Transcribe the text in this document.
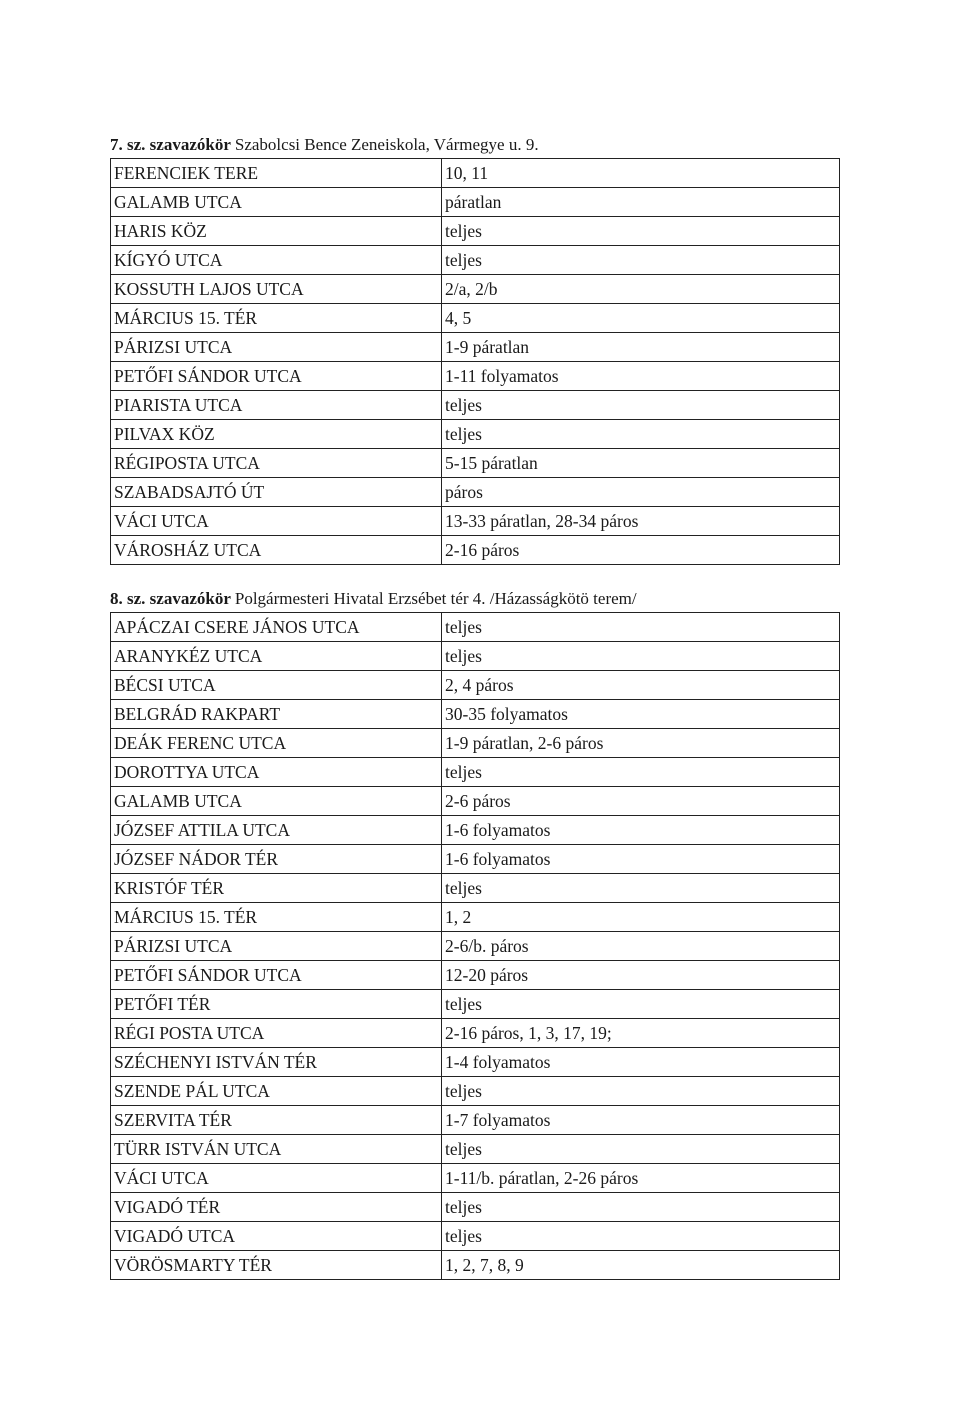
7. sz. szavazókör Szabolcsi Bence Zeneiskola, Vármegye u. 9.
FERENCIEK TERE	10, 11
GALAMB UTCA	páratlan
HARIS KÖZ	teljes
KÍGYÓ UTCA	teljes
KOSSUTH LAJOS UTCA	2/a, 2/b
MÁRCIUS 15. TÉR	4, 5
PÁRIZSI UTCA	1-9 páratlan
PETŐFI SÁNDOR UTCA	1-11 folyamatos
PIARISTA UTCA	teljes
PILVAX KÖZ	teljes
RÉGIPOSTA UTCA	5-15 páratlan
SZABADSAJTÓ ÚT	páros
VÁCI UTCA	13-33 páratlan, 28-34 páros
VÁROSHÁZ UTCA	2-16 páros
8. sz. szavazókör Polgármesteri Hivatal Erzsébet tér 4. /Házasságkötö terem/
APÁCZAI CSERE JÁNOS UTCA	teljes
ARANYKÉZ UTCA	teljes
BÉCSI UTCA	2, 4 páros
BELGRÁD RAKPART	30-35 folyamatos
DEÁK FERENC UTCA	1-9 páratlan, 2-6 páros
DOROTTYA UTCA	teljes
GALAMB UTCA	2-6 páros
JÓZSEF ATTILA UTCA	1-6 folyamatos
JÓZSEF NÁDOR TÉR	1-6 folyamatos
KRISTÓF TÉR	teljes
MÁRCIUS 15. TÉR	1, 2
PÁRIZSI UTCA	2-6/b. páros
PETŐFI SÁNDOR UTCA	12-20 páros
PETŐFI TÉR	teljes
RÉGI POSTA UTCA	2-16 páros, 1, 3, 17, 19;
SZÉCHENYI ISTVÁN TÉR	1-4 folyamatos
SZENDE PÁL UTCA	teljes
SZERVITA TÉR	1-7 folyamatos
TÜRR ISTVÁN UTCA	teljes
VÁCI UTCA	1-11/b. páratlan, 2-26 páros
VIGADÓ TÉR	teljes
VIGADÓ UTCA	teljes
VÖRÖSMARTY TÉR	1, 2, 7, 8, 9
